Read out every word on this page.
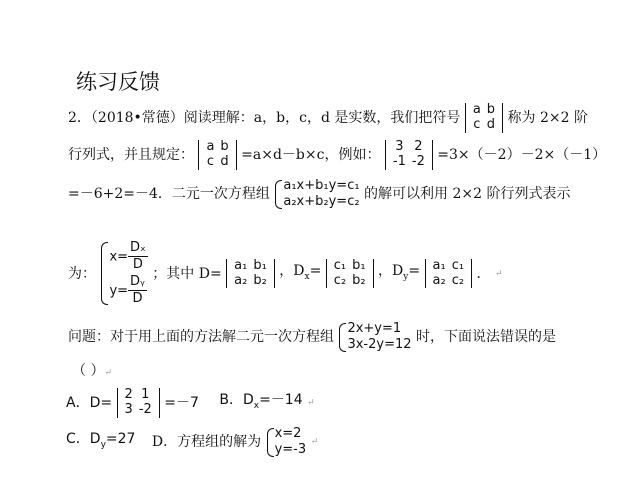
练习反馈
2．（2018•常德）阅读理解：a，b，c，d 是实数，我们把符号
a	b
c	d 称为 2×2 阶
行列式，并且规定：
a	b
c	d =a×d－b×c，例如：
3	2
-1	-2 =3×（－2）－2×（－1）
=－6+2=－4．二元一次方程组
a₁x+b₁y=c₁
a₂x+b₂y=c₂ 的解可以利用 2×2 阶行列式表示
为：
$x= \frac{\text{Dₓ}}{D}$
$y= \frac{\text{Dᵧ}}{D}$ ；其中 D=
a₁	b₁
a₂	b₂
，$D_x= c_1$	b₁
c₂	b₂
，$D_y= a_1$	c₁
a₂	c₂ ． ↵
问题：对于用上面的方法解二元一次方程组
2x+y=1
3x-2y=12 时，下面说法错误的是
（ ）↵
A．D=
2	1
3	-2 =－7 B．$D_x=-14$ ↵
C．$D_y=27$ D．方程组的解为
x=2
y=-3 ↵
